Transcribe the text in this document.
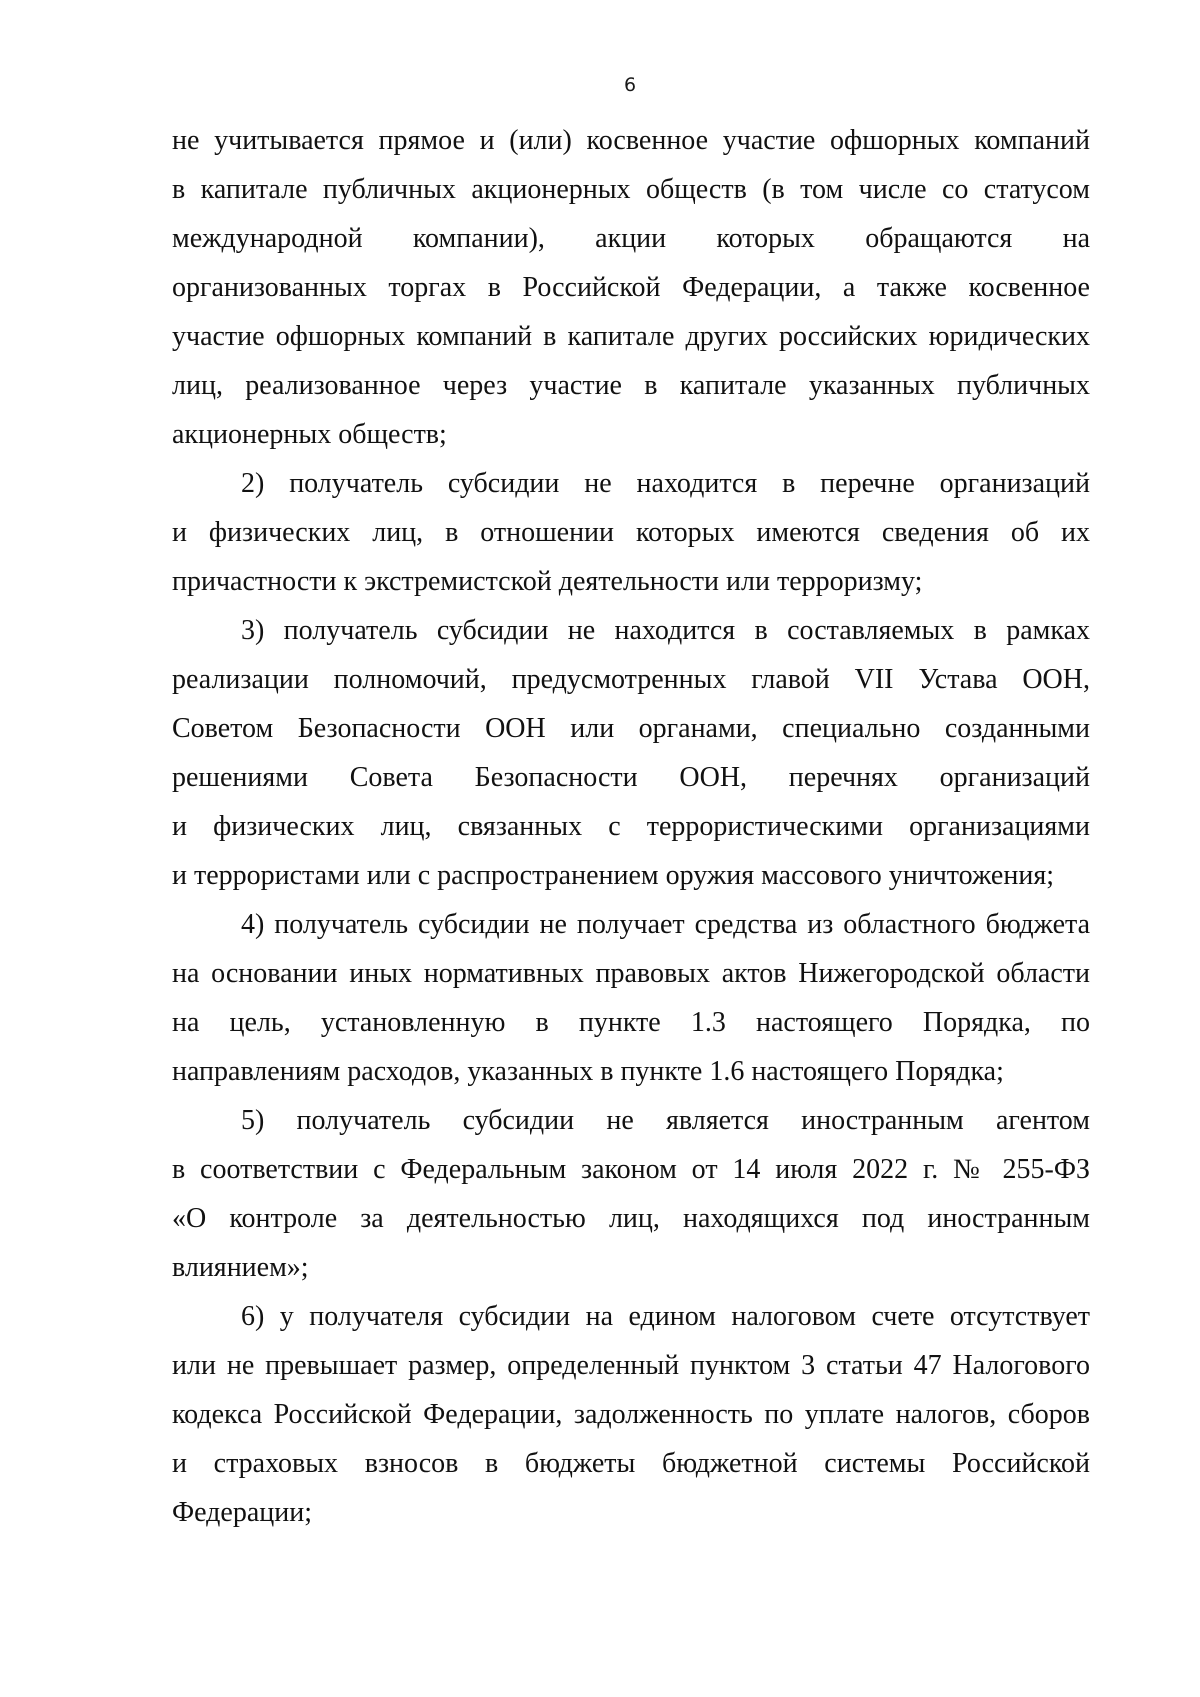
6
не учитывается прямое и (или) косвенное участие офшорных компаний
в капитале публичных акционерных обществ (в том числе со статусом
международной компании), акции которых обращаются на
организованных торгах в Российской Федерации, а также косвенное
участие офшорных компаний в капитале других российских юридических
лиц, реализованное через участие в капитале указанных публичных
акционерных обществ;
2) получатель субсидии не находится в перечне организаций
и физических лиц, в отношении которых имеются сведения об их
причастности к экстремистской деятельности или терроризму;
3) получатель субсидии не находится в составляемых в рамках
реализации полномочий, предусмотренных главой VII Устава ООН,
Советом Безопасности ООН или органами, специально созданными
решениями Совета Безопасности ООН, перечнях организаций
и физических лиц, связанных с террористическими организациями
и террористами или с распространением оружия массового уничтожения;
4) получатель субсидии не получает средства из областного бюджета
на основании иных нормативных правовых актов Нижегородской области
на цель, установленную в пункте 1.3 настоящего Порядка, по
направлениям расходов, указанных в пункте 1.6 настоящего Порядка;
5) получатель субсидии не является иностранным агентом
в соответствии с Федеральным законом от 14 июля 2022 г. № 255-ФЗ
«О контроле за деятельностью лиц, находящихся под иностранным
влиянием»;
6) у получателя субсидии на едином налоговом счете отсутствует
или не превышает размер, определенный пунктом 3 статьи 47 Налогового
кодекса Российской Федерации, задолженность по уплате налогов, сборов
и страховых взносов в бюджеты бюджетной системы Российской
Федерации;
